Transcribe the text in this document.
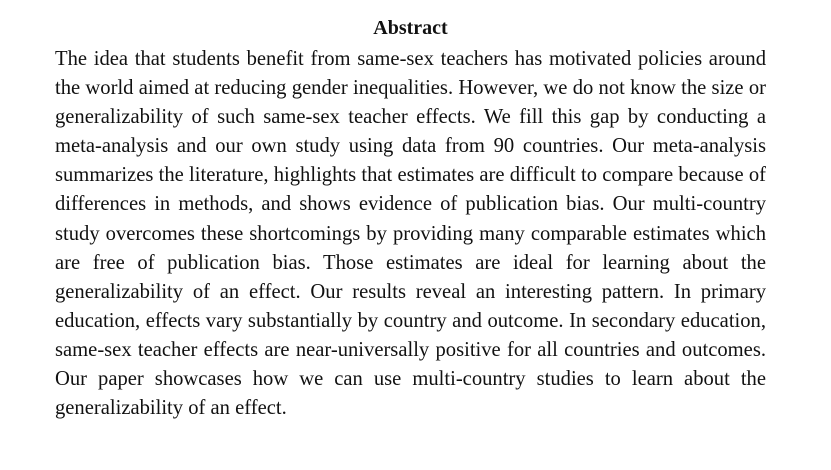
Abstract

The idea that students benefit from same-sex teachers has motivated policies around the world aimed at reducing gender inequalities. However, we do not know the size or generalizability of such same-sex teacher effects. We fill this gap by conducting a meta-analysis and our own study using data from 90 countries. Our meta-analysis summarizes the literature, highlights that estimates are difficult to compare because of differences in methods, and shows evidence of publication bias. Our multi-country study overcomes these shortcomings by providing many comparable estimates which are free of publication bias. Those estimates are ideal for learning about the generalizability of an effect. Our results reveal an interesting pattern. In primary education, effects vary substantially by country and outcome. In secondary education, same-sex teacher effects are near-universally positive for all countries and outcomes. Our paper showcases how we can use multi-country studies to learn about the generalizability of an effect.
